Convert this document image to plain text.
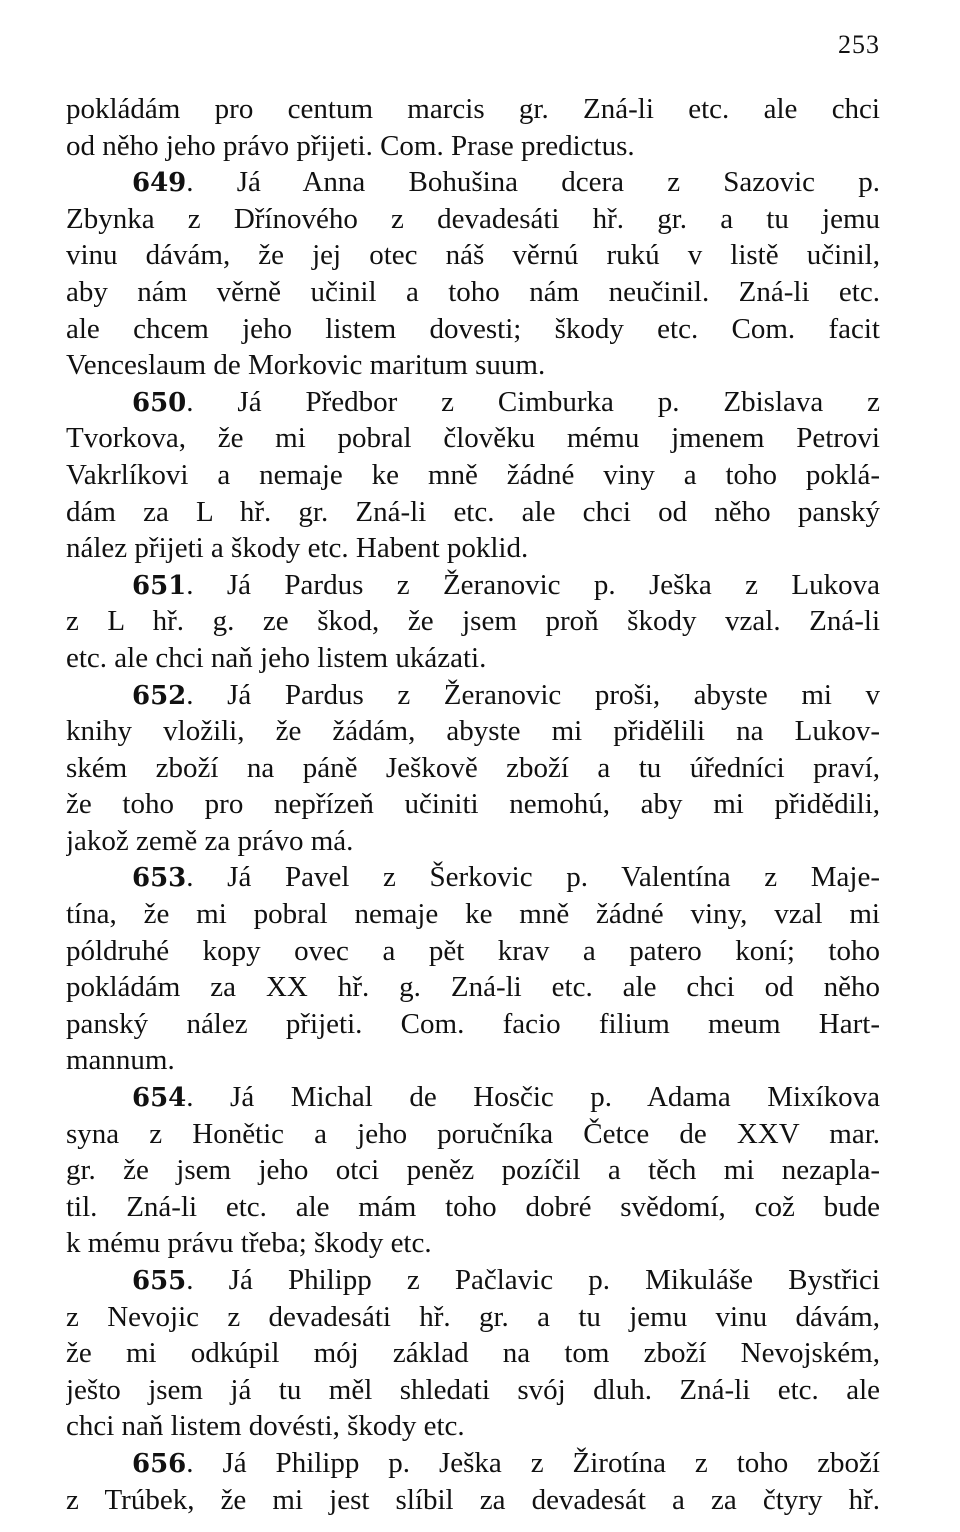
253
pokládám pro centum marcis gr. Zná-li etc. ale chci
od něho jeho právo přijeti. Com. Prase predictus.
649. Já Anna Bohušina dcera z Sazovic p.
Zbynka z Dřínového z devadesáti hř. gr. a tu jemu
vinu dávám, že jej otec náš věrnú rukú v listě učinil,
aby nám věrně učinil a toho nám neučinil. Zná-li etc.
ale chcem jeho listem dovesti; škody etc. Com. facit
Venceslaum de Morkovic maritum suum.
650. Já Předbor z Cimburka p. Zbislava z
Tvorkova, že mi pobral člověku mému jmenem Petrovi
Vakrlíkovi a nemaje ke mně žádné viny a toho poklá-
dám za L hř. gr. Zná-li etc. ale chci od něho panský
nález přijeti a škody etc. Habent poklid.
651. Já Pardus z Žeranovic p. Ješka z Lukova
z L hř. g. ze škod, že jsem proň škody vzal. Zná-li
etc. ale chci naň jeho listem ukázati.
652. Já Pardus z Žeranovic proši, abyste mi v
knihy vložili, že žádám, abyste mi přidělili na Lukov-
ském zboží na páně Ješkově zboží a tu úředníci praví,
že toho pro nepřízeň učiniti nemohú, aby mi přidědili,
jakož země za právo má.
653. Já Pavel z Šerkovic p. Valentína z Maje-
tína, že mi pobral nemaje ke mně žádné viny, vzal mi
póldruhé kopy ovec a pět krav a patero koní; toho
pokládám za XX hř. g. Zná-li etc. ale chci od něho
panský nález přijeti. Com. facio filium meum Hart-
mannum.
654. Já Michal de Hosčic p. Adama Mixíkova
syna z Honětic a jeho poručníka Četce de XXV mar.
gr. že jsem jeho otci peněz pozíčil a těch mi nezapla-
til. Zná-li etc. ale mám toho dobré svědomí, což bude
k mému právu třeba; škody etc.
655. Já Philipp z Pačlavic p. Mikuláše Bystřici
z Nevojic z devadesáti hř. gr. a tu jemu vinu dávám,
že mi odkúpil mój základ na tom zboží Nevojském,
ješto jsem já tu měl shledati svój dluh. Zná-li etc. ale
chci naň listem dovésti, škody etc.
656. Já Philipp p. Ješka z Žirotína z toho zboží
z Trúbek, že mi jest slíbil za devadesát a za čtyry hř.
